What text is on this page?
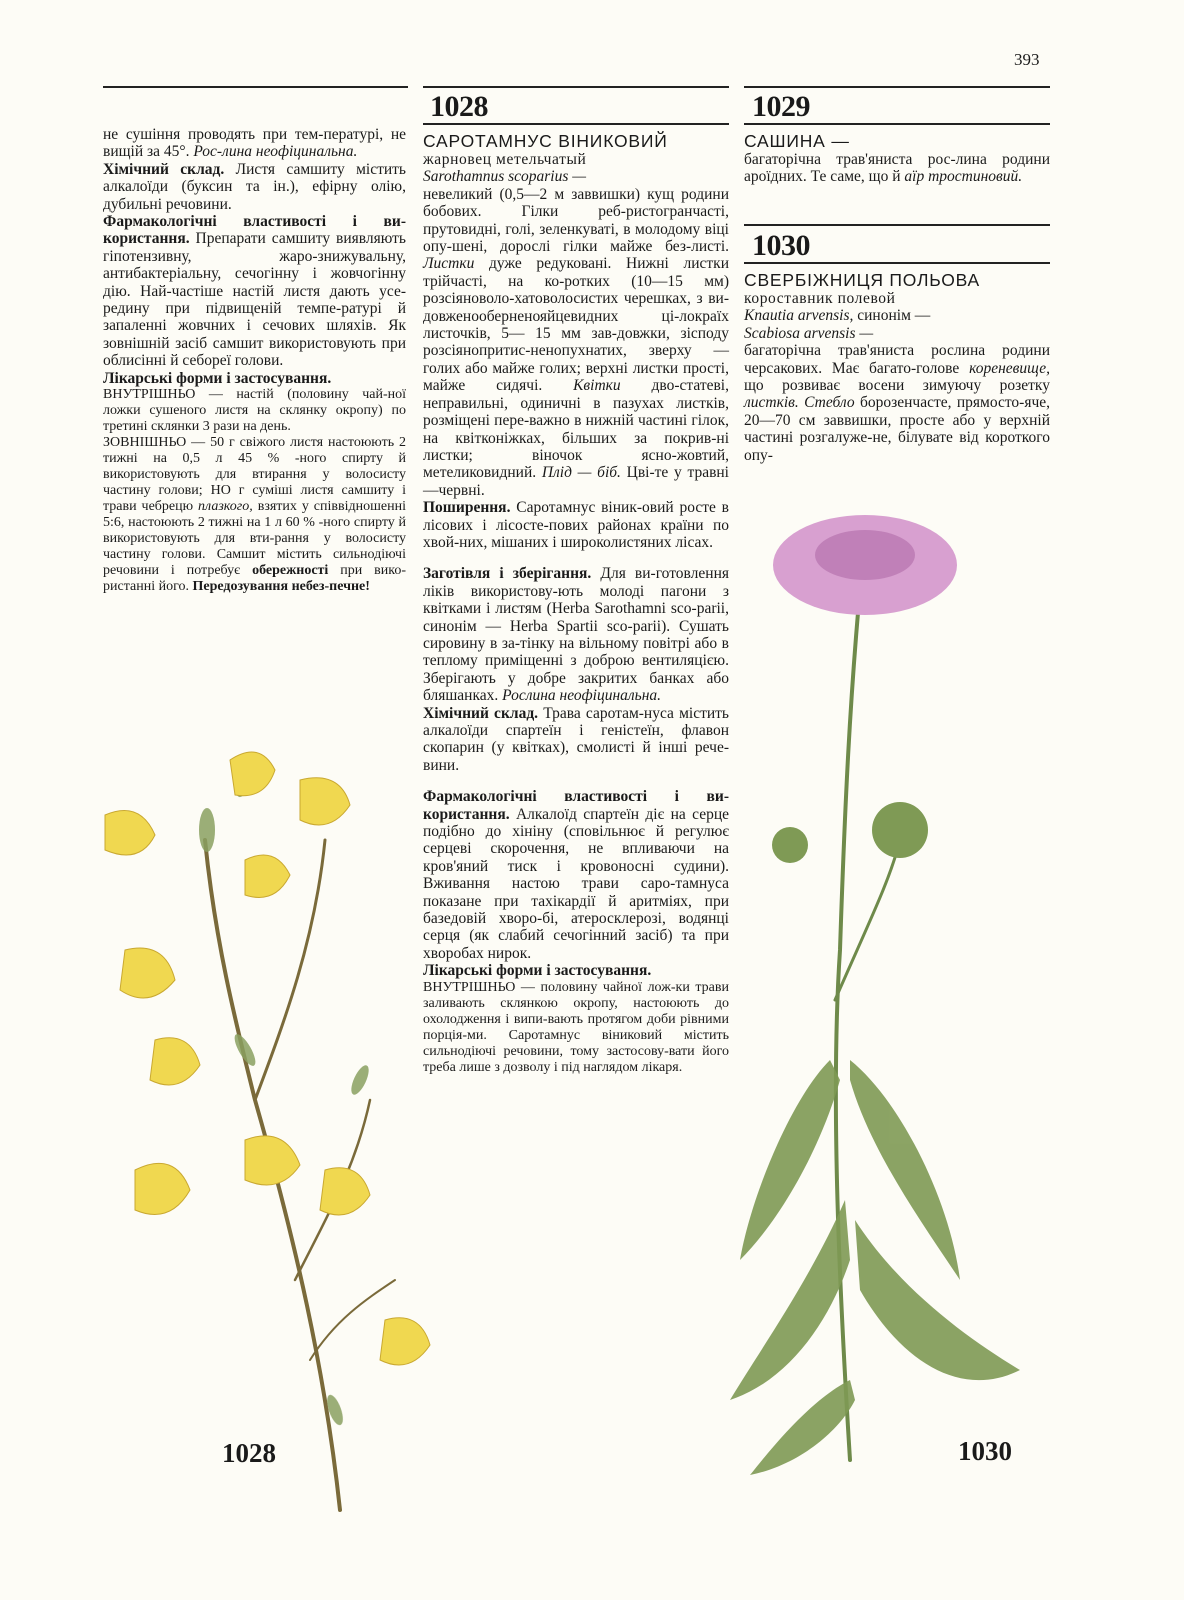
393
1028	1029
1030

не сушіння проводять при тем-пературі, не вищій за 45°. Рос-лина неофіцинальна.

Хімічний склад. Листя самшиту містить алкалоїди (буксин та ін.), ефірну олію, дубильні речовини.

Фармакологічні властивості і ви-користання. Препарати самшиту виявляють гіпотензивну, жаро-знижувальну, антибактеріальну, сечогінну і жовчогінну дію. Най-частіше настій листя дають усе-редину при підвищеній темпе-ратурі й запаленні жовчних і сечових шляхів. Як зовнішній засіб самшит використовують при облисінні й себореї голови.

Лікарські форми і застосування.

ВНУТРІШНЬО — настій (половину чай-ної ложки сушеного листя на склянку окропу) по третині склянки 3 рази на день.

ЗОВНІШНЬО — 50 г свіжого листя настоюють 2 тижні на 0,5 л 45 % -ного спирту й використовують для втирання у волосисту частину голови; НО г суміші листя самшиту і трави чебрецю плазкого, взятих у співвідношенні 5:6, настоюють 2 тижні на 1 л 60 % -ного спирту й використовують для вти-рання у волосисту частину голови. Самшит містить сильнодіючі речовини і потребує обережності при вико-ристанні його. Передозування небез-печне!

САРОТАМНУС ВІНИКОВИЙ

жарновец метельчатый

Sarothamnus scoparius —

невеликий (0,5—2 м заввишки) кущ родини бобових. Гілки реб-ристогранчасті, прутовидні, голі, зеленкуваті, в молодому віці опу-шені, дорослі гілки майже без-листі. Листки дуже редуковані. Нижні листки трійчасті, на ко-ротких (10—15 мм) розсіяноволо-хатоволосистих черешках, з ви-довженооберненояйцевидних ці-локраїх листочків, 5— 15 мм зав-довжки, зісподу розсіянопритис-ненопухнатих, зверху — голих або майже голих; верхні листки прості, майже сидячі. Квітки дво-статеві, неправильні, одиничні в пазухах листків, розміщені пере-важно в нижній частині гілок, на квітконіжках, більших за покрив-ні листки; віночок ясно-жовтий, метеликовидний. Плід — біб. Цві-те у травні—червні.

Поширення. Саротамнус віник-овий росте в лісових і лісосте-пових районах країни по хвой-них, мішаних і широколистяних лісах.

Заготівля і зберігання. Для ви-готовлення ліків використову-ють молоді пагони з квітками і листям (Herba Sarothamni sco-parii, синонім — Herba Spartii sco-parii). Сушать сировину в за-тінку на вільному повітрі або в теплому приміщенні з доброю вентиляцією. Зберігають у добре закритих банках або бляшанках. Рослина неофіцинальна.

Хімічний склад. Трава саротам-нуса містить алкалоїди спартеїн і геністеїн, флавон скопарин (у квітках), смолисті й інші рече-вини.

Фармакологічні властивості і ви-користання. Алкалоїд спартеїн діє на серце подібно до хініну (сповільнює й регулює серцеві скорочення, не впливаючи на кров'яний тиск і кровоносні судини). Вживання настою трави саро-тамнуса показане при тахікардії й аритміях, при базедовій хворо-бі, атеросклерозі, водянці серця (як слабий сечогінний засіб) та при хворобах нирок.

Лікарські форми і застосування.

ВНУТРІШНЬО — половину чайної лож-ки трави заливають склянкою окропу, настоюють до охолодження і випи-вають протягом доби рівними порція-ми. Саротамнус віниковий містить сильнодіючі речовини, тому застосову-вати його треба лише з дозволу і під наглядом лікаря.

САШИНА —

багаторічна трав'яниста рос-лина родини ароїдних. Те саме, що й аїр тростиновий.

СВЕРБІЖНИЦЯ ПОЛЬОВА

короставник полевой

Knautia arvensis, синонім —

Scabiosa arvensis —

багаторічна трав'яниста рослина родини черсакових. Має багато-голове кореневище, що розвиває восени зимуючу розетку листків. Стебло борозенчасте, прямосто-яче, 20—70 см заввишки, просте або у верхній частині розгалуже-не, білувате від короткого опу-

1028	1030
